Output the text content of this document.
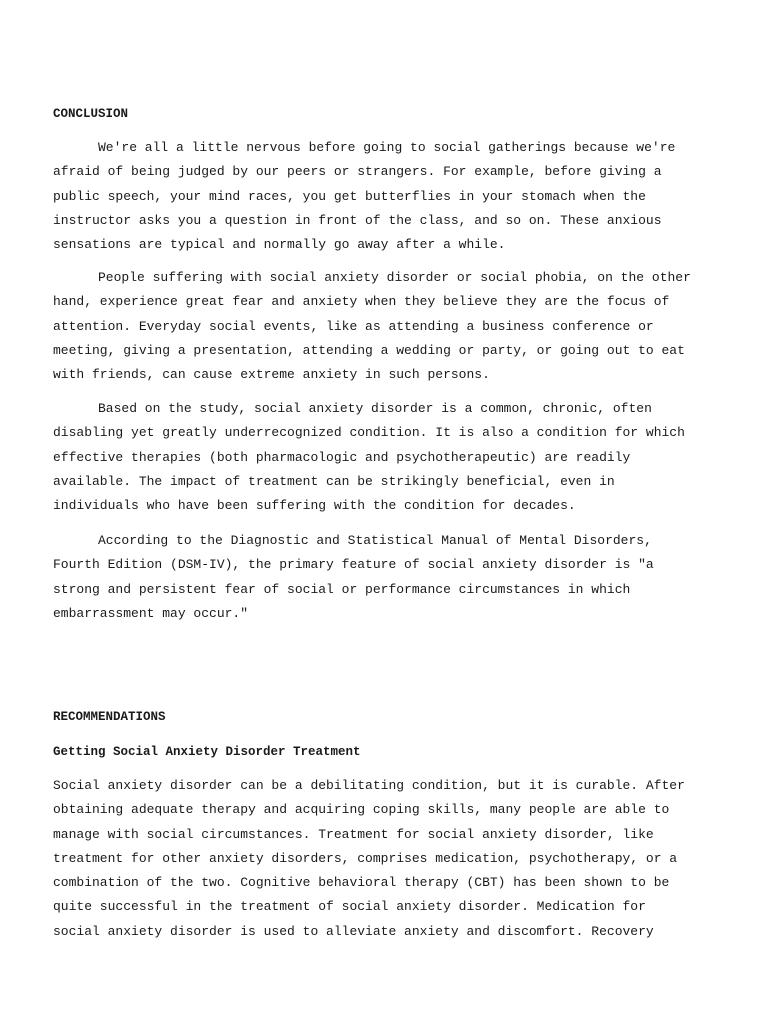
CONCLUSION
We're all a little nervous before going to social gatherings because we're
afraid of being judged by our peers or strangers. For example, before giving a
public speech, your mind races, you get butterflies in your stomach when the
instructor asks you a question in front of the class, and so on. These anxious
sensations are typical and normally go away after a while.
People suffering with social anxiety disorder or social phobia, on the other
hand, experience great fear and anxiety when they believe they are the focus of
attention. Everyday social events, like as attending a business conference or
meeting, giving a presentation, attending a wedding or party, or going out to eat
with friends, can cause extreme anxiety in such persons.
Based on the study, social anxiety disorder is a common, chronic, often
disabling yet greatly underrecognized condition. It is also a condition for which
effective therapies (both pharmacologic and psychotherapeutic) are readily
available. The impact of treatment can be strikingly beneficial, even in
individuals who have been suffering with the condition for decades.
According to the Diagnostic and Statistical Manual of Mental Disorders,
Fourth Edition (DSM-IV), the primary feature of social anxiety disorder is "a
strong and persistent fear of social or performance circumstances in which
embarrassment may occur."
RECOMMENDATIONS
Getting Social Anxiety Disorder Treatment
Social anxiety disorder can be a debilitating condition, but it is curable. After
obtaining adequate therapy and acquiring coping skills, many people are able to
manage with social circumstances. Treatment for social anxiety disorder, like
treatment for other anxiety disorders, comprises medication, psychotherapy, or a
combination of the two. Cognitive behavioral therapy (CBT) has been shown to be
quite successful in the treatment of social anxiety disorder. Medication for
social anxiety disorder is used to alleviate anxiety and discomfort. Recovery
